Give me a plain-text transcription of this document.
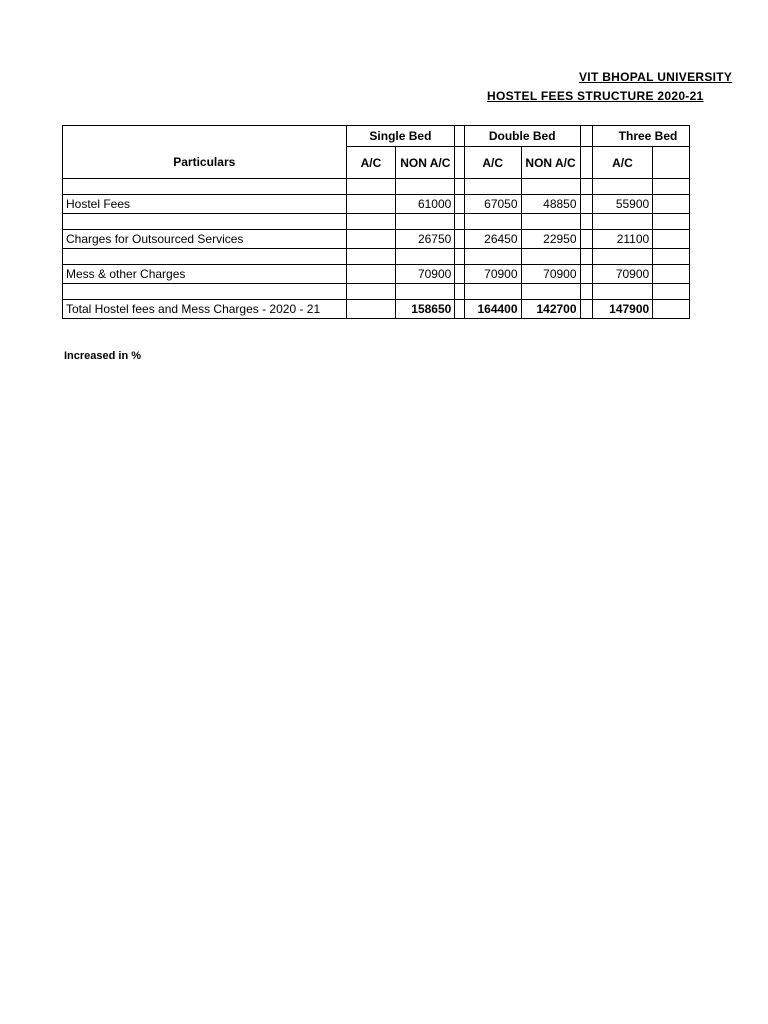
VIT BHOPAL UNIVERSITY
HOSTEL FEES STRUCTURE 2020-21
	Single Bed			Double Bed			Three Bed	
Particulars	A/C	NON A/C		A/C	NON A/C		A/C	

Hostel Fees		61000		67050	48850		55900	

Charges for Outsourced Services		26750		26450	22950		21100	

Mess & other Charges		70900		70900	70900		70900	

Total Hostel fees and Mess Charges - 2020 - 21		158650		164400	142700		147900	
Increased in %
